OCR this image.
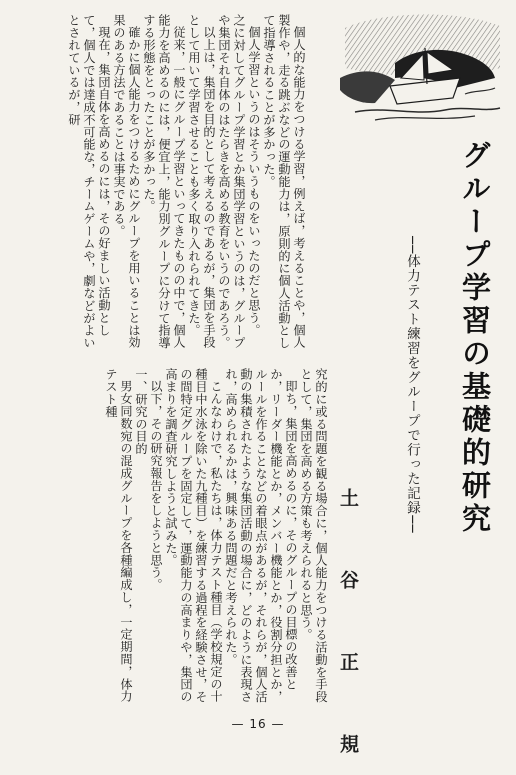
グループ学習の基礎的研究
──体力テスト練習をグループで行った記録──
土　谷　正　規

個人的な能力をつける学習，例えば，考えることや，個人製作や，走る跳ぶなどの運動能力は，原則的に個人活動として指導されることが多かった。

個人学習というのはそういうものをいったのだと思う。

之に対してグループ学習とか集団学習というのは，グループや集団それ自体のはたらきを高める教育をいうのであろう。

以上は，集団を目的として考えるのであるが，集団を手段として用いて学習させることも多く取り入れられてきた。

従来，一般にグループ学習といってきたものの中で，個人能力を高めるのには，便宜上，能力別グループに分けて指導する形態をとったことが多かった。

確かに個人能力をつけるためにグループを用いることは効果のある方法であることは事実である。

現在，集団自体を高めるのには，その好ましい活動として，個人では達成不可能な，チームゲームや，劇などがよいとされているが，研

究的に或る問題を観る場合に，個人能力をつける活動を手段として，集団を高める方策も考えられると思う。

即ち，集団を高めるのに，そのグループの目標の改善とか，リーダー機能とか，メンバー機能とか，役割分担とか，ルールを作ることなどの着眼点があるが，それらが，個人活動の集積されたような集団活動の場合に，どのように表現され，高められるかは，興味ある問題だと考えられた。

こんなわけで，私たちは，体力テスト種目（学校規定の十種目中水泳を除いた九種目）を練習する過程を経験させ，その間特定グループを固定して，運動能力の高まりや，集団の高まりを調査研究しようと試みた。

以下，その研究報告をしようと思う。

一、研究の目的

男女同数宛の混成グループを各種編成し，一定期間，体力テスト種

— 16 —
